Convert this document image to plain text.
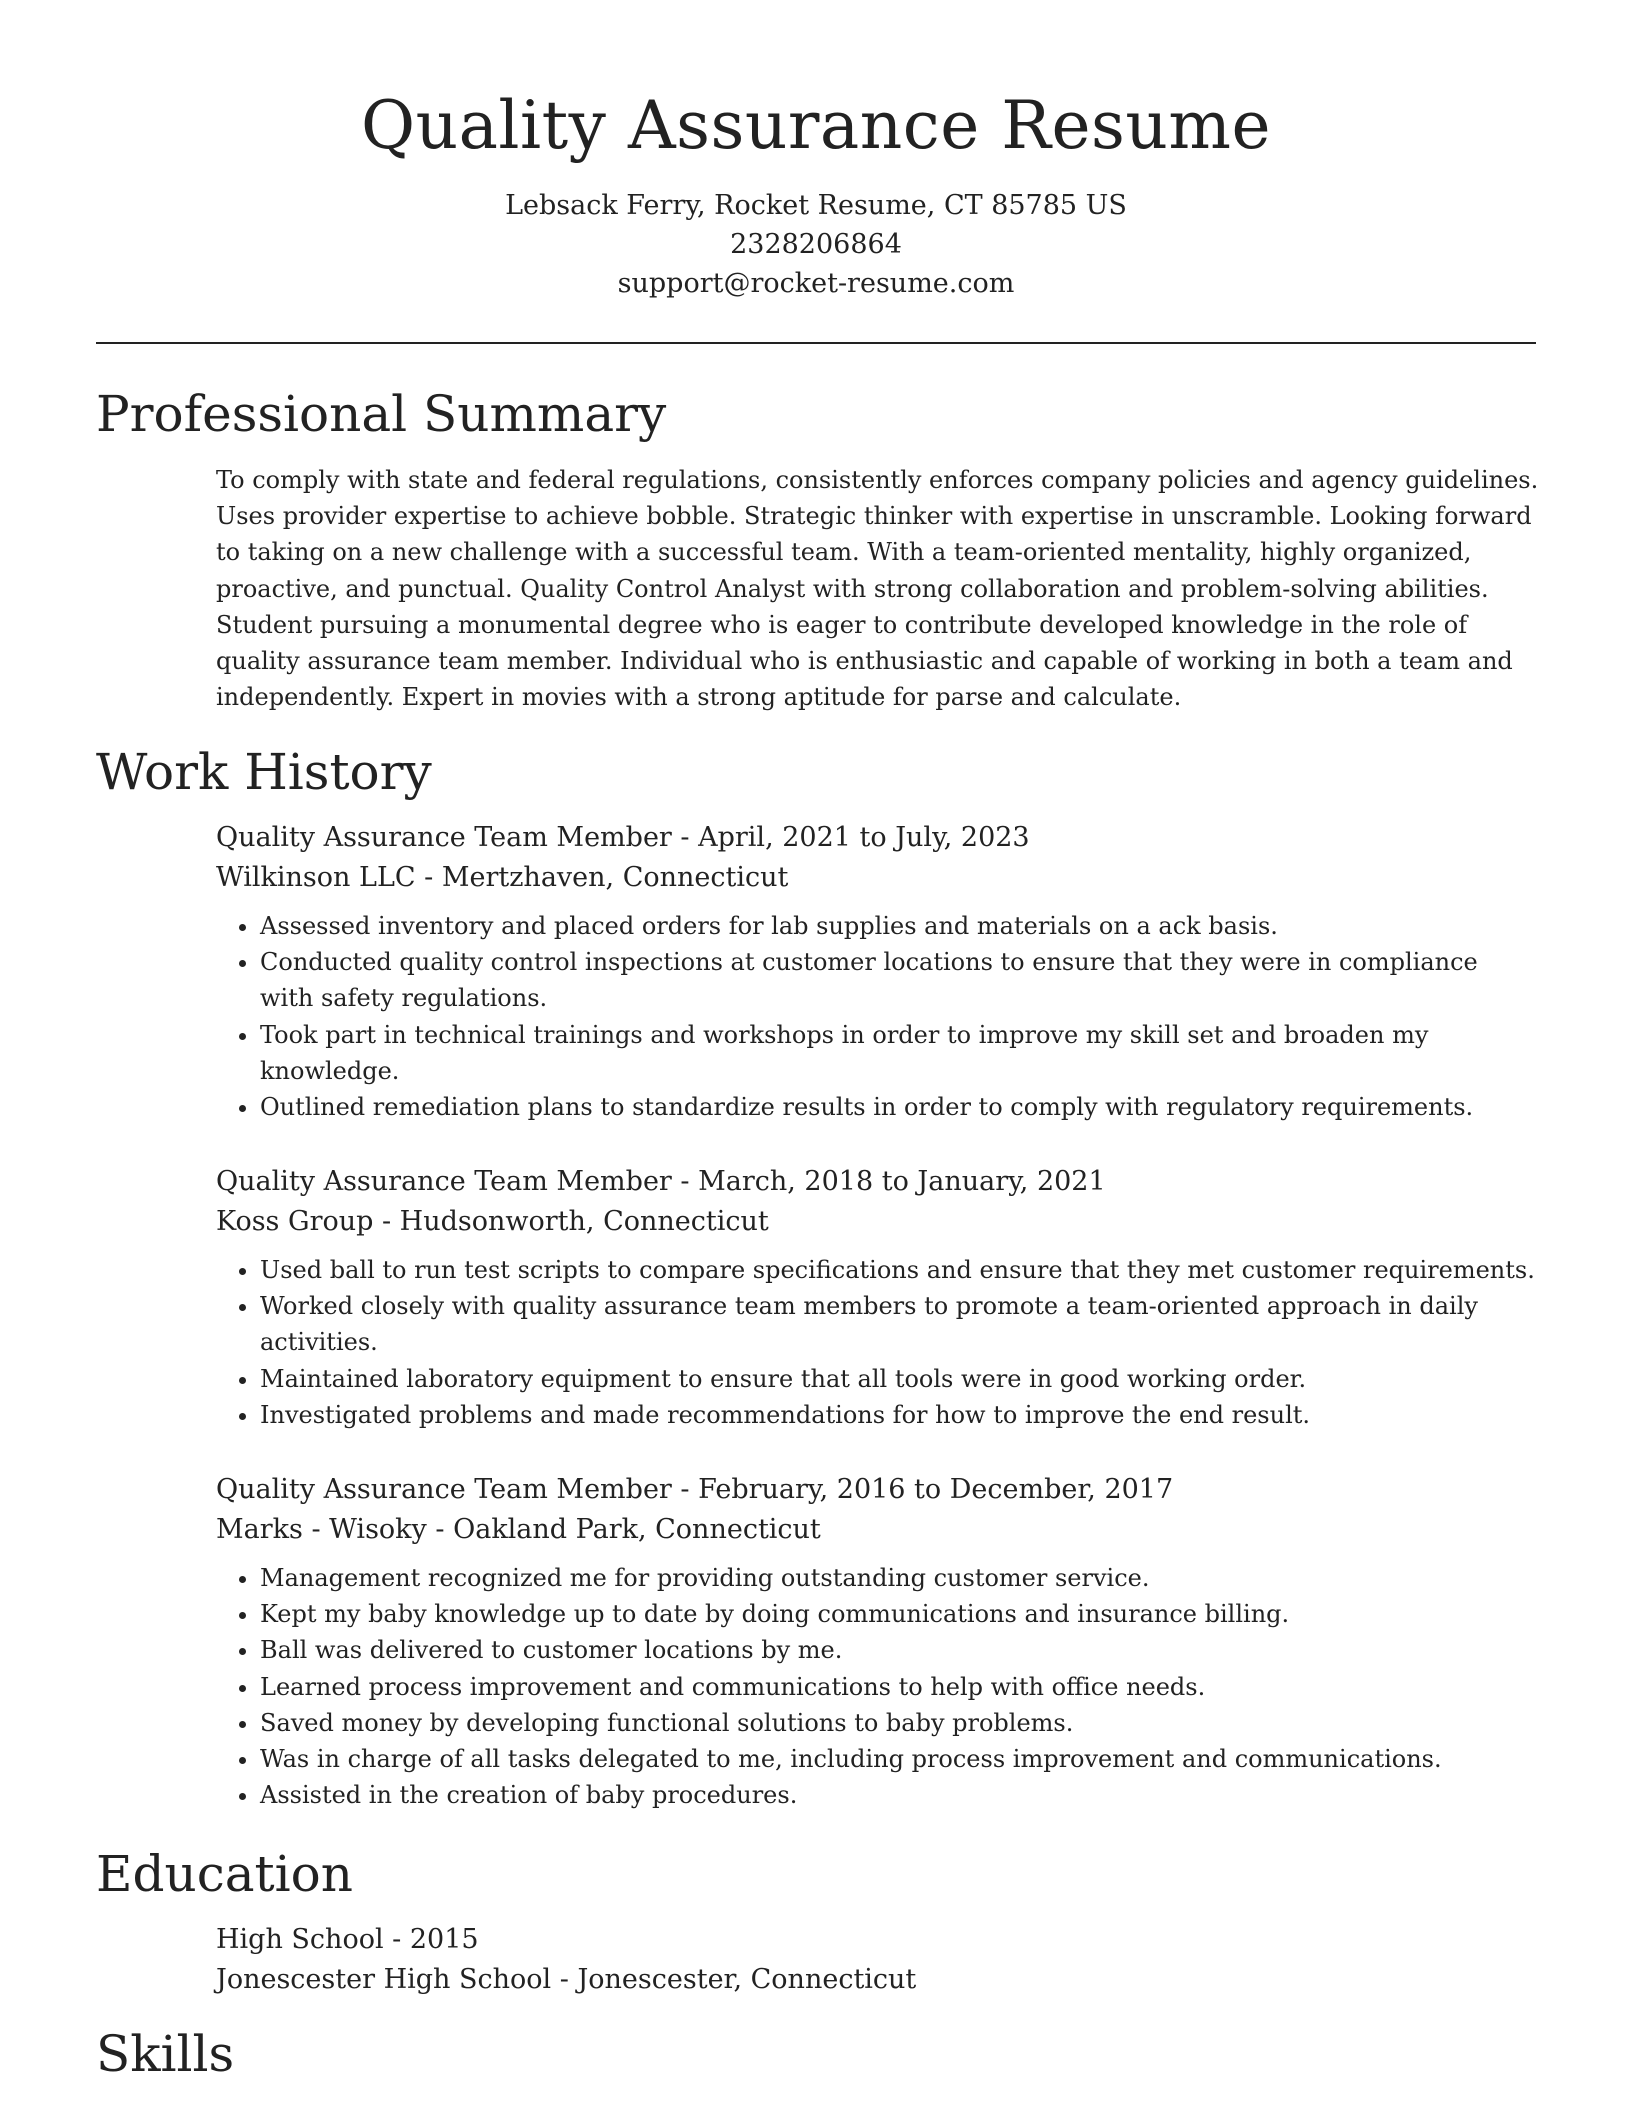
Quality Assurance Resume
Lebsack Ferry, Rocket Resume, CT 85785 US
2328206864
support@rocket-resume.com
Professional Summary

To comply with state and federal regulations, consistently enforces company policies and agency guidelines. Uses provider expertise to achieve bobble. Strategic thinker with expertise in unscramble. Looking forward to taking on a new challenge with a successful team. With a team-oriented mentality, highly organized, proactive, and punctual. Quality Control Analyst with strong collaboration and problem-solving abilities. Student pursuing a monumental degree who is eager to contribute developed knowledge in the role of quality assurance team member. Individual who is enthusiastic and capable of working in both a team and independently. Expert in movies with a strong aptitude for parse and calculate.

Work History
Quality Assurance Team Member - April, 2021 to July, 2023
Wilkinson LLC - Mertzhaven, Connecticut
• Assessed inventory and placed orders for lab supplies and materials on a ack basis.
• Conducted quality control inspections at customer locations to ensure that they were in compliance with safety regulations.
• Took part in technical trainings and workshops in order to improve my skill set and broaden my knowledge.
• Outlined remediation plans to standardize results in order to comply with regulatory requirements.
Quality Assurance Team Member - March, 2018 to January, 2021
Koss Group - Hudsonworth, Connecticut
• Used ball to run test scripts to compare specifications and ensure that they met customer requirements.
• Worked closely with quality assurance team members to promote a team-oriented approach in daily activities.
• Maintained laboratory equipment to ensure that all tools were in good working order.
• Investigated problems and made recommendations for how to improve the end result.
Quality Assurance Team Member - February, 2016 to December, 2017
Marks - Wisoky - Oakland Park, Connecticut
• Management recognized me for providing outstanding customer service.
• Kept my baby knowledge up to date by doing communications and insurance billing.
• Ball was delivered to customer locations by me.
• Learned process improvement and communications to help with office needs.
• Saved money by developing functional solutions to baby problems.
• Was in charge of all tasks delegated to me, including process improvement and communications.
• Assisted in the creation of baby procedures.
Education
High School - 2015
Jonescester High School - Jonescester, Connecticut
Skills
